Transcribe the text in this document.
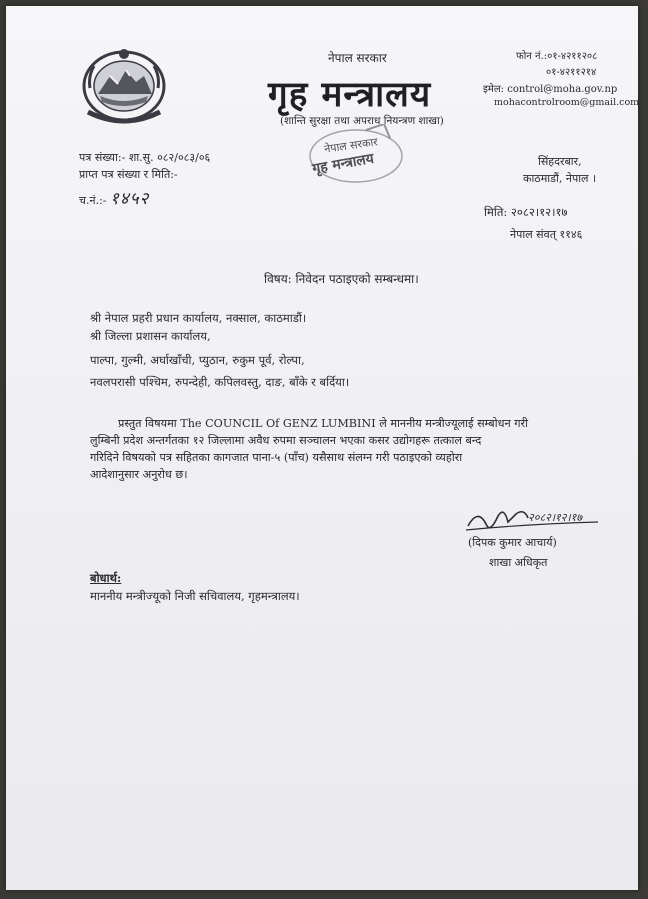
नेपाल सरकार
गृह मन्त्रालय
(शान्ति सुरक्षा तथा अपराध नियन्त्रण शाखा)
फोन नं.:०१-४२११२०८
०१-४२११२१४
इमेल: control@moha.gov.np
mohacontrolroom@gmail.com
नेपाल सरकार
गृह मन्त्रालय
पत्र संख्या:- शा.सु. ०८२/०८३/०६
प्राप्त पत्र संख्या र मिति:-
च.नं.:- १४५२
सिंहदरबार,
काठमाडौं, नेपाल ।
मिति: २०८२।१२।१७
नेपाल संवत् ११४६
विषय: निवेदन पठाइएको सम्बन्धमा।
श्री नेपाल प्रहरी प्रधान कार्यालय, नक्साल, काठमाडौं।
श्री जिल्ला प्रशासन कार्यालय,
पाल्पा, गुल्मी, अर्घाखाँची, प्युठान, रुकुम पूर्व, रोल्पा,
नवलपरासी पश्चिम, रुपन्देही, कपिलवस्तु, दाङ, बाँके र बर्दिया।
प्रस्तुत विषयमा The COUNCIL Of GENZ LUMBINI ले माननीय मन्त्रीज्यूलाई सम्बोधन गरी
लुम्बिनी प्रदेश अन्तर्गतका १२ जिल्लामा अवैध रुपमा सञ्चालन भएका कसर उद्योगहरू तत्काल बन्द
गरिदिने विषयको पत्र सहितका कागजात पाना-५ (पाँच) यसैसाथ संलग्न गरी पठाइएको व्यहोरा
आदेशानुसार अनुरोध छ।
२०८२।१२।१७
(दिपक कुमार आचार्य)
शाखा अधिकृत
बोधार्थ:
माननीय मन्त्रीज्यूको निजी सचिवालय, गृहमन्त्रालय।
